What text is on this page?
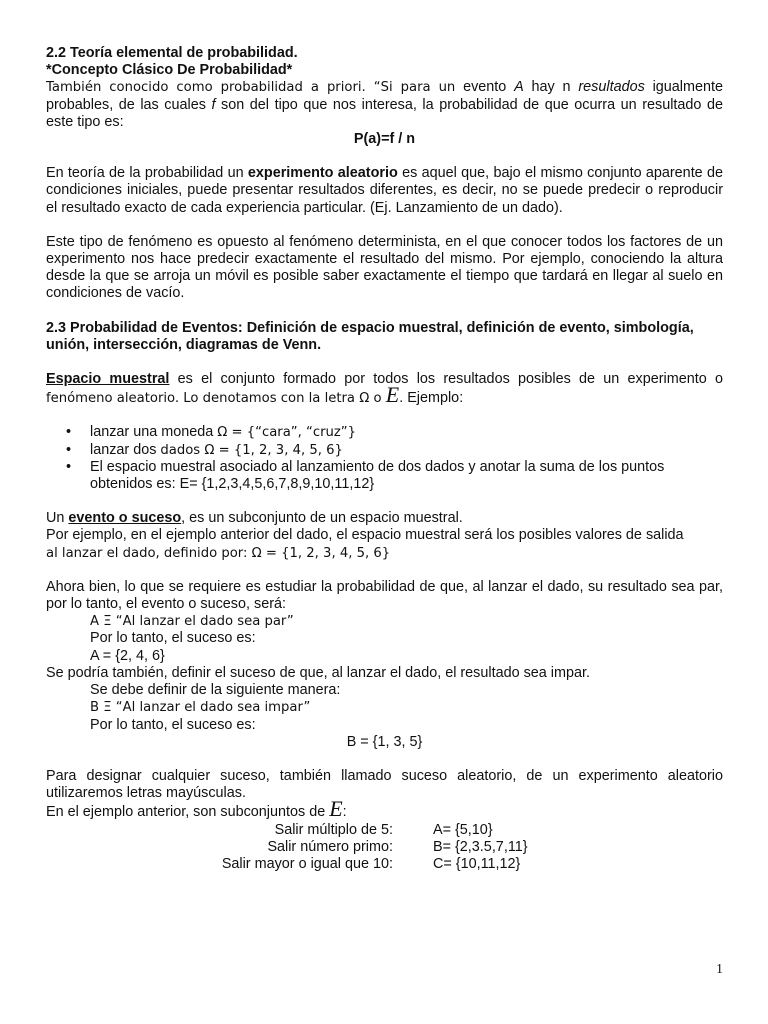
2.2 Teoría elemental de probabilidad.

*Concepto Clásico De Probabilidad*

También conocido como probabilidad a priori. “Si para un evento A hay n resultados igualmente probables, de las cuales f son del tipo que nos interesa, la probabilidad de que ocurra un resultado de este tipo es:

P(a)=f / n

En teoría de la probabilidad un experimento aleatorio es aquel que, bajo el mismo conjunto aparente de condiciones iniciales, puede presentar resultados diferentes, es decir, no se puede predecir o reproducir el resultado exacto de cada experiencia particular. (Ej. Lanzamiento de un dado).

Este tipo de fenómeno es opuesto al fenómeno determinista, en el que conocer todos los factores de un experimento nos hace predecir exactamente el resultado del mismo. Por ejemplo, conociendo la altura desde la que se arroja un móvil es posible saber exactamente el tiempo que tardará en llegar al suelo en condiciones de vacío.

2.3 Probabilidad de Eventos: Definición de espacio muestral, definición de evento, simbología, unión, intersección, diagramas de Venn.

Espacio muestral es el conjunto formado por todos los resultados posibles de un experimento o fenómeno aleatorio. Lo denotamos con la letra Ω o E. Ejemplo:

• lanzar una moneda Ω = {“cara”, “cruz”}
• lanzar dos dados Ω = {1, 2, 3, 4, 5, 6}
• El espacio muestral asociado al lanzamiento de dos dados y anotar la suma de los puntos obtenidos es: E= {1,2,3,4,5,6,7,8,9,10,11,12}

Un evento o suceso, es un subconjunto de un espacio muestral.

Por ejemplo, en el ejemplo anterior del dado, el espacio muestral será los posibles valores de salida

al lanzar el dado, definido por: Ω = {1, 2, 3, 4, 5, 6}

Ahora bien, lo que se requiere es estudiar la probabilidad de que, al lanzar el dado, su resultado sea par, por lo tanto, el evento o suceso, será:

A Ξ “Al lanzar el dado sea par”

Por lo tanto, el suceso es:

A = {2, 4, 6}

Se podría también, definir el suceso de que, al lanzar el dado, el resultado sea impar.

Se debe definir de la siguiente manera:

B Ξ “Al lanzar el dado sea impar”

Por lo tanto, el suceso es:

B = {1, 3, 5}

Para designar cualquier suceso, también llamado suceso aleatorio, de un experimento aleatorio utilizaremos letras mayúsculas.

En el ejemplo anterior, son subconjuntos de E:

Salir múltiplo de 5:	A= {5,10}
Salir número primo:	B= {2,3.5,7,11}
Salir mayor o igual que 10:	C= {10,11,12}
1
